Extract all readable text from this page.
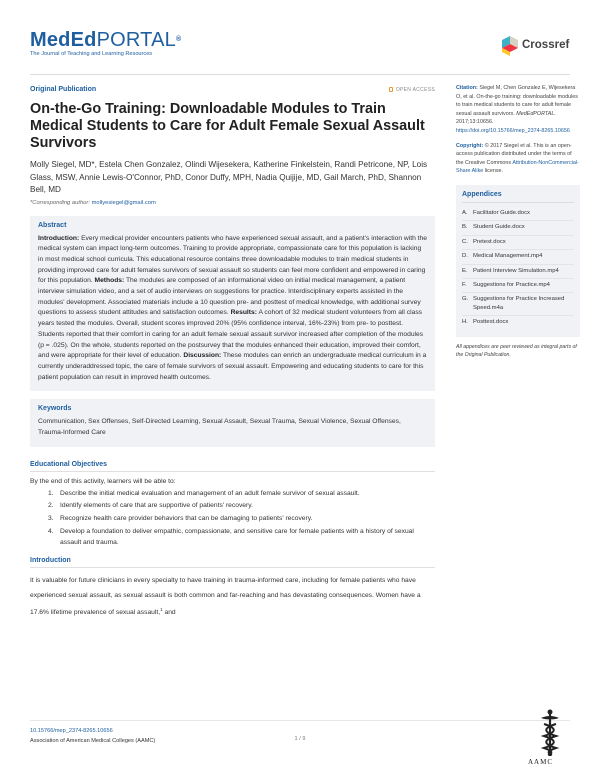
MedEdPORTAL®
The Journal of Teaching and Learning Resources
Crossref
Original Publication	OPEN ACCESS
On-the-Go Training: Downloadable Modules to Train Medical Students to Care for Adult Female Sexual Assault Survivors
Molly Siegel, MD*, Estela Chen Gonzalez, Olindi Wijesekera, Katherine Finkelstein, Randi Petricone, NP, Lois Glass, MSW, Annie Lewis-O'Connor, PhD, Conor Duffy, MPH, Nadia Quijije, MD, Gail March, PhD, Shannon Bell, MD
*Corresponding author: mollyesiegel@gmail.com
Abstract

Introduction: Every medical provider encounters patients who have experienced sexual assault, and a patient's interaction with the medical system can impact long-term outcomes. Training to provide appropriate, compassionate care for this population is lacking in most medical school curricula. This educational resource contains three downloadable modules to train medical students in providing improved care for adult females survivors of sexual assault so students can feel more confident and empowered in caring for this population. Methods: The modules are composed of an informational video on initial medical management, a patient interview simulation video, and a set of audio interviews on suggestions for practice. Interdisciplinary experts assisted in the modules' development. Associated materials include a 10 question pre- and posttest of medical knowledge, with additional survey questions to assess student attitudes and satisfaction outcomes. Results: A cohort of 32 medical student volunteers from all class years tested the modules. Overall, student scores improved 20% (95% confidence interval, 16%-23%) from pre- to posttest. Students reported that their comfort in caring for an adult female sexual assault survivor increased after completion of the modules (p = .025). On the whole, students reported on the postsurvey that the modules enhanced their education, improved their comfort, and were appropriate for their level of education. Discussion: These modules can enrich an undergraduate medical curriculum in a currently underaddressed topic, the care of female survivors of sexual assault. Empowering and educating students to care for this patient population can result in improved health outcomes.

Keywords
Communication, Sex Offenses, Self-Directed Learning, Sexual Assault, Sexual Trauma, Sexual Violence, Sexual Offenses, Trauma-Informed Care
Educational Objectives
By the end of this activity, learners will be able to:
1. Describe the initial medical evaluation and management of an adult female survivor of sexual assault.
2. Identify elements of care that are supportive of patients' recovery.
3. Recognize health care provider behaviors that can be damaging to patients' recovery.
4. Develop a foundation to deliver empathic, compassionate, and sensitive care for female patients with a history of sexual assault and trauma.
Introduction

It is valuable for future clinicians in every specialty to have training in trauma-informed care, including for female patients who have experienced sexual assault, as sexual assault is both common and far-reaching and has devastating consequences. Women have a 17.6% lifetime prevalence of sexual assault,$^1$ and

Citation: Siegel M, Chen Gonzalez E, Wijesekera O, et al. On-the-go training: downloadable modules to train medical students to care for adult female sexual assault survivors. MedEdPORTAL. 2017;13:10656. https://doi.org/10.15766/mep_2374-8265.10656
Copyright: © 2017 Siegel et al. This is an open-access publication distributed under the terms of the Creative Commons Attribution-NonCommercial-Share Alike license.
Appendices
A. Facilitator Guide.docx
B. Student Guide.docx
C. Pretest.docx
D. Medical Management.mp4
E. Patient Interview Simulation.mp4
F.	Suggestions for Practice.mp4
G. Suggestions for Practice Increased Speed.m4a
H. Posttest.docx
All appendices are peer reviewed as integral parts of the Original Publication.
10.15766/mep_2374-8265.10656
Association of American Medical Colleges (AAMC)	1 / 9
AAMC
